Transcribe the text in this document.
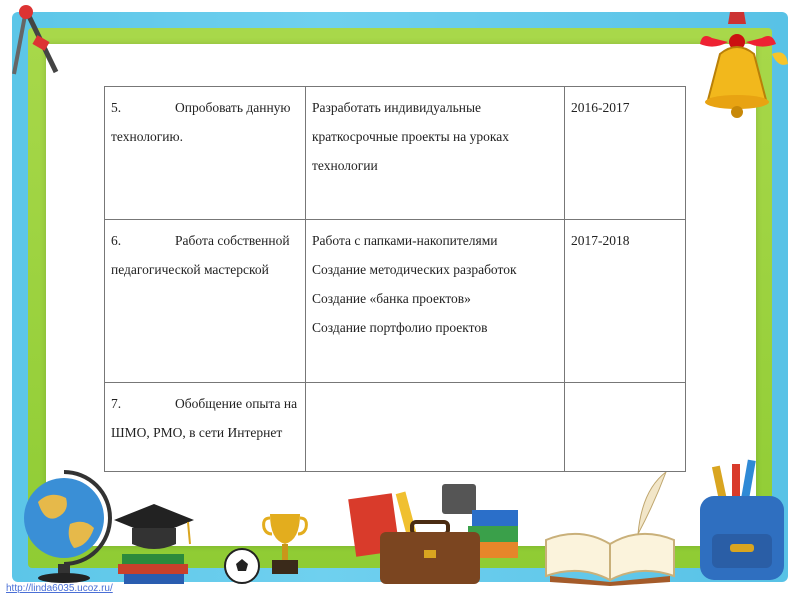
5. Опробовать данную технологию.	Разработать индивидуальные
краткосрочные проекты на уроках
технологии	2016-2017
6. Работа собственной педагогической мастерской	Работа с папками-накопителями
Создание методических разработок
Создание «банка проектов»
Создание портфолио проектов	2017-2018
7. Обобщение опыта на ШМО, РМО, в сети Интернет		
http://linda6035.ucoz.ru/
